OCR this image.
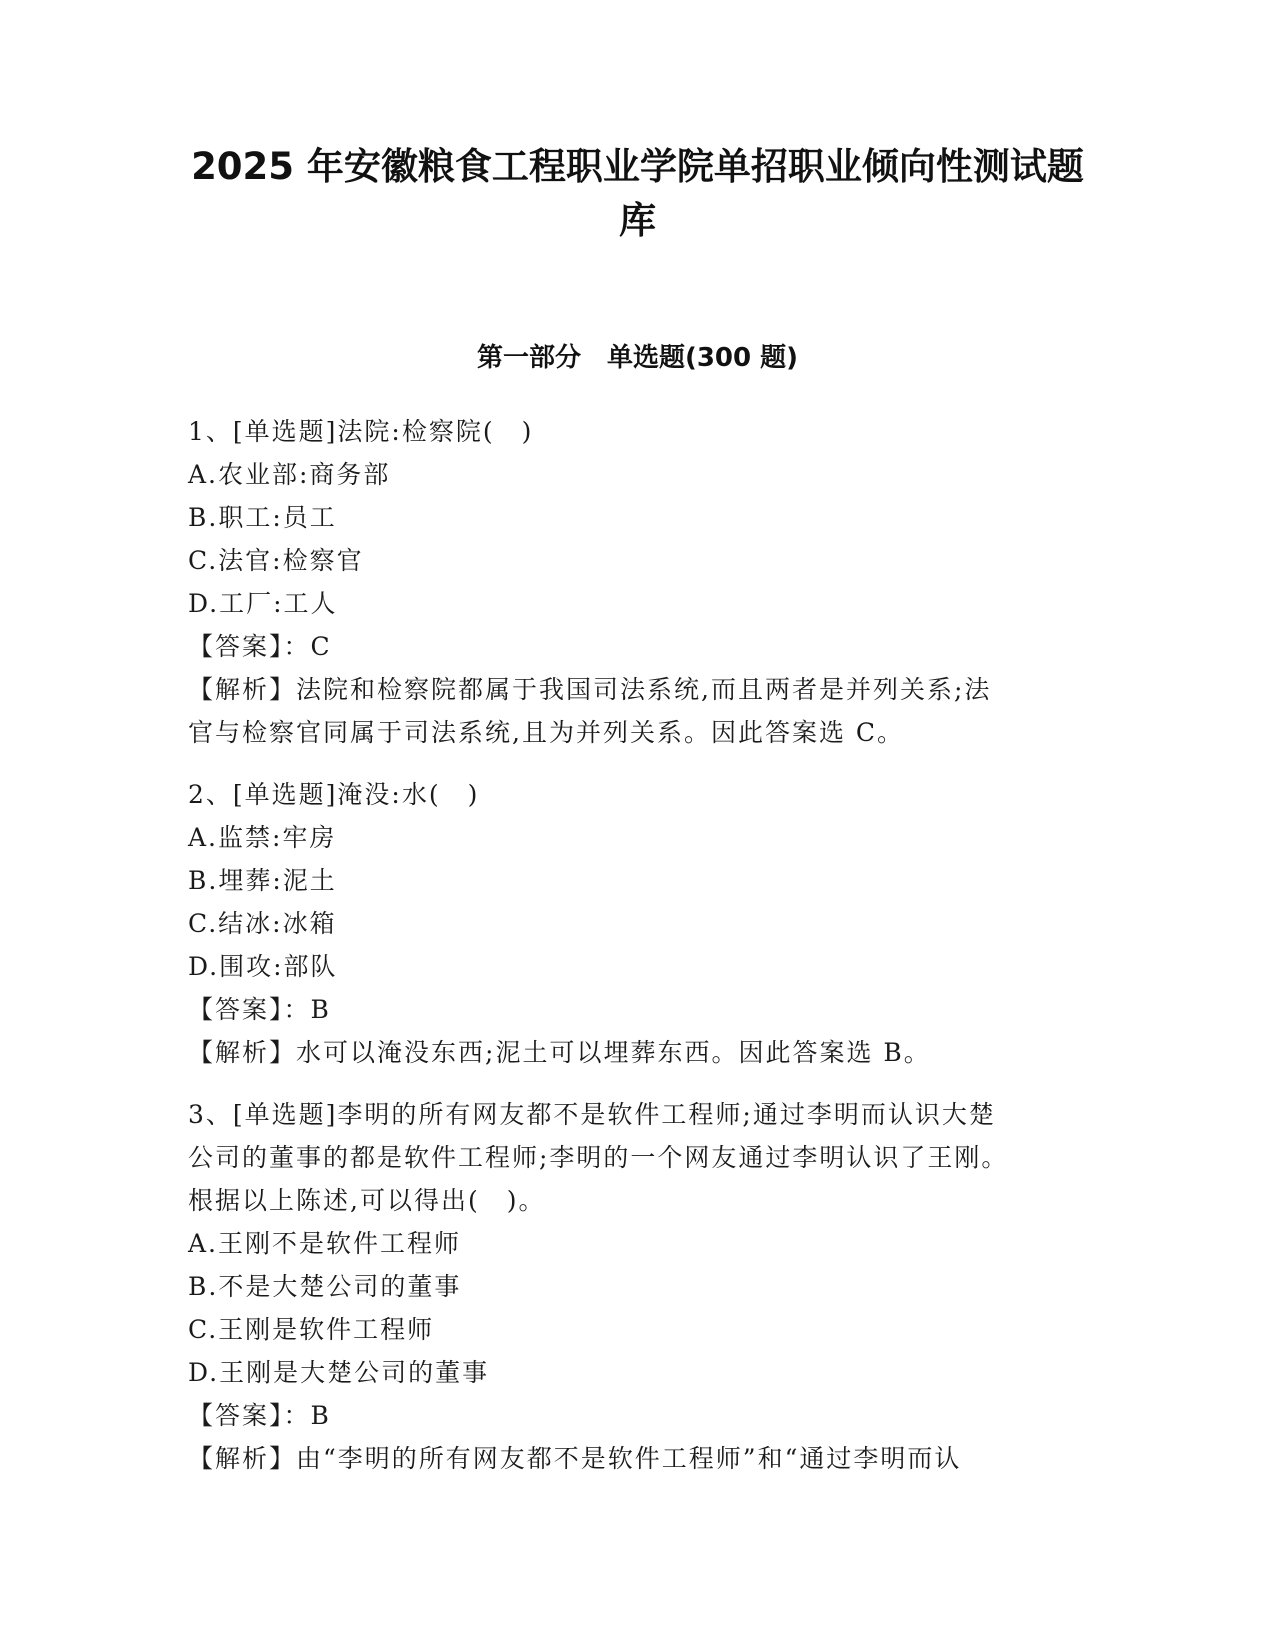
2025 年安徽粮食工程职业学院单招职业倾向性测试题
库
第一部分　单选题(300 题)
1、[单选题]法院:检察院(　)
A.农业部:商务部
B.职工:员工
C.法官:检察官
D.工厂:工人
【答案】：C
【解析】法院和检察院都属于我国司法系统,而且两者是并列关系;法
官与检察官同属于司法系统,且为并列关系。因此答案选 C。
2、[单选题]淹没:水(　)
A.监禁:牢房
B.埋葬:泥土
C.结冰:冰箱
D.围攻:部队
【答案】：B
【解析】水可以淹没东西;泥土可以埋葬东西。因此答案选 B。
3、[单选题]李明的所有网友都不是软件工程师;通过李明而认识大楚
公司的董事的都是软件工程师;李明的一个网友通过李明认识了王刚。
根据以上陈述,可以得出(　)。
A.王刚不是软件工程师
B.不是大楚公司的董事
C.王刚是软件工程师
D.王刚是大楚公司的董事
【答案】：B
【解析】由“李明的所有网友都不是软件工程师”和“通过李明而认
